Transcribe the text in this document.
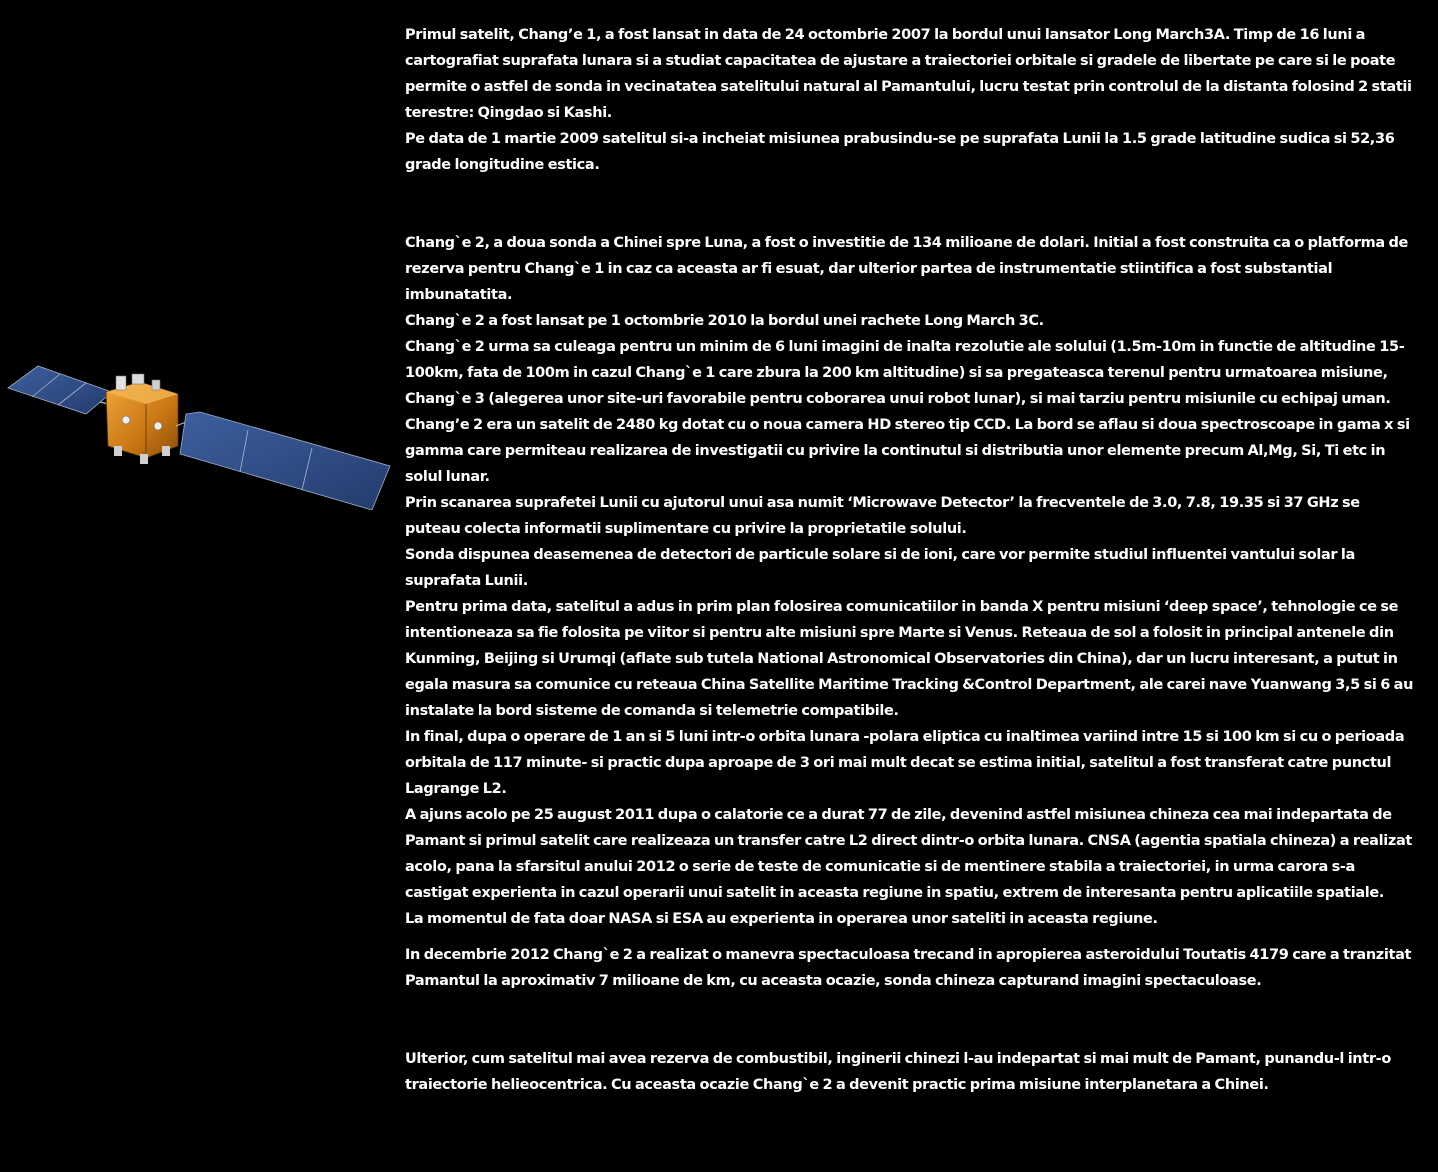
Primul satelit, Chang’e 1, a fost lansat in data de 24 octombrie 2007 la bordul unui lansator Long March3A. Timp de 16 luni a cartografiat suprafata lunara si a studiat capacitatea de ajustare a traiectoriei orbitale si gradele de libertate pe care si le poate permite o astfel de sonda in vecinatatea satelitului natural al Pamantului, lucru testat prin controlul de la distanta folosind 2 statii terestre: Qingdao si Kashi.

Pe data de 1 martie 2009 satelitul si-a incheiat misiunea prabusindu-se pe suprafata Lunii la 1.5 grade latitudine sudica si 52,36 grade longitudine estica.

Chang`e 2, a doua sonda a Chinei spre Luna, a fost o investitie de 134 milioane de dolari. Initial a fost construita ca o platforma de rezerva pentru Chang`e 1 in caz ca aceasta ar fi esuat, dar ulterior partea de instrumentatie stiintifica a fost substantial imbunatatita.

Chang`e 2 a fost lansat pe 1 octombrie 2010 la bordul unei rachete Long March 3C.

Chang`e 2 urma sa culeaga pentru un minim de 6 luni imagini de inalta rezolutie ale solului (1.5m-10m in functie de altitudine 15-100km, fata de 100m in cazul Chang`e 1 care zbura la 200 km altitudine) si sa pregateasca terenul pentru urmatoarea misiune, Chang`e 3 (alegerea unor site-uri favorabile pentru coborarea unui robot lunar), si mai tarziu pentru misiunile cu echipaj uman.

Chang’e 2 era un satelit de 2480 kg dotat cu o noua camera HD stereo tip CCD. La bord se aflau si doua spectroscoape in gama x si gamma care permiteau realizarea de investigatii cu privire la continutul si distributia unor elemente precum Al,Mg, Si, Ti etc in solul lunar.

Prin scanarea suprafetei Lunii cu ajutorul unui asa numit ‘Microwave Detector’ la frecventele de 3.0, 7.8, 19.35 si 37 GHz se puteau colecta informatii suplimentare cu privire la proprietatile solului.

Sonda dispunea deasemenea de detectori de particule solare si de ioni, care vor permite studiul influentei vantului solar la suprafata Lunii.

Pentru prima data, satelitul a adus in prim plan folosirea comunicatiilor in banda X pentru misiuni ‘deep space’, tehnologie ce se intentioneaza sa fie folosita pe viitor si pentru alte misiuni spre Marte si Venus. Reteaua de sol a folosit in principal antenele din Kunming, Beijing si Urumqi (aflate sub tutela National Astronomical Observatories din China), dar un lucru interesant, a putut in egala masura sa comunice cu reteaua China Satellite Maritime Tracking &Control Department, ale carei nave Yuanwang 3,5 si 6 au instalate la bord sisteme de comanda si telemetrie compatibile.

In final, dupa o operare de 1 an si 5 luni intr-o orbita lunara -polara eliptica cu inaltimea variind intre 15 si 100 km si cu o perioada orbitala de 117 minute- si practic dupa aproape de 3 ori mai mult decat se estima initial, satelitul a fost transferat catre punctul Lagrange L2.

A ajuns acolo pe 25 august 2011 dupa o calatorie ce a durat 77 de zile, devenind astfel misiunea chineza cea mai indepartata de Pamant si primul satelit care realizeaza un transfer catre L2 direct dintr-o orbita lunara. CNSA (agentia spatiala chineza) a realizat acolo, pana la sfarsitul anului 2012 o serie de teste de comunicatie si de mentinere stabila a traiectoriei, in urma carora s-a castigat experienta in cazul operarii unui satelit in aceasta regiune in spatiu, extrem de interesanta pentru aplicatiile spatiale.

La momentul de fata doar NASA si ESA au experienta in operarea unor sateliti in aceasta regiune.

In decembrie 2012 Chang`e 2 a realizat o manevra spectaculoasa trecand in apropierea asteroidului Toutatis 4179 care a tranzitat Pamantul la aproximativ 7 milioane de km, cu aceasta ocazie, sonda chineza capturand imagini spectaculoase.

Ulterior, cum satelitul mai avea rezerva de combustibil, inginerii chinezi l-au indepartat si mai mult de Pamant, punandu-l intr-o traiectorie helieocentrica. Cu aceasta ocazie Chang`e 2 a devenit practic prima misiune interplanetara a Chinei.
